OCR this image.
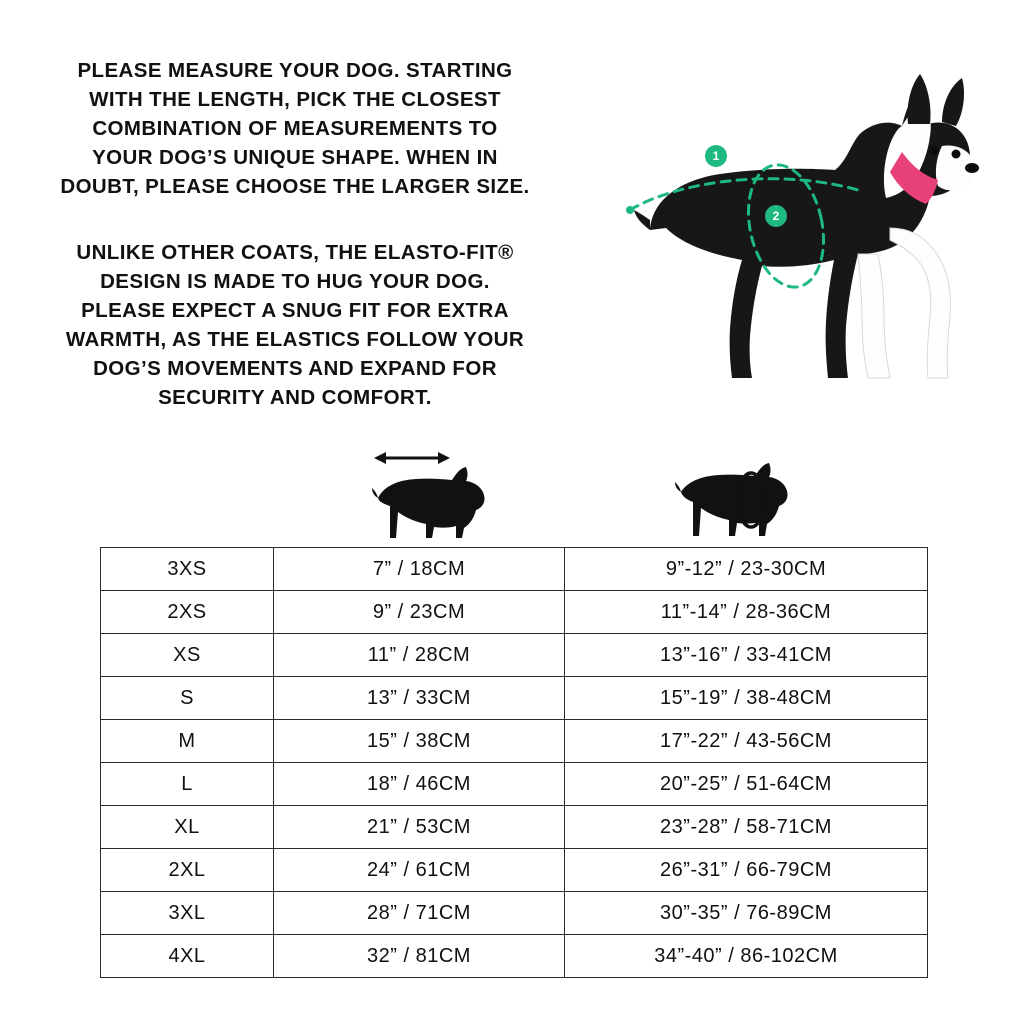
PLEASE MEASURE YOUR DOG. STARTING WITH THE LENGTH, PICK THE CLOSEST COMBINATION OF MEASUREMENTS TO YOUR DOG’S UNIQUE SHAPE. WHEN IN DOUBT, PLEASE CHOOSE THE LARGER SIZE.

UNLIKE OTHER COATS, THE ELASTO-FIT® DESIGN IS MADE TO HUG YOUR DOG. PLEASE EXPECT A SNUG FIT FOR EXTRA WARMTH, AS THE ELASTICS FOLLOW YOUR DOG’S MOVEMENTS AND EXPAND FOR SECURITY AND COMFORT.

1
2
3XS	7” / 18CM	9”-12” / 23-30CM
2XS	9” / 23CM	11”-14” / 28-36CM
XS	11” / 28CM	13”-16” / 33-41CM
S	13” / 33CM	15”-19” / 38-48CM
M	15” / 38CM	17”-22” / 43-56CM
L	18” / 46CM	20”-25” / 51-64CM
XL	21” / 53CM	23”-28” / 58-71CM
2XL	24” / 61CM	26”-31” / 66-79CM
3XL	28” / 71CM	30”-35” / 76-89CM
4XL	32” / 81CM	34”-40” / 86-102CM
